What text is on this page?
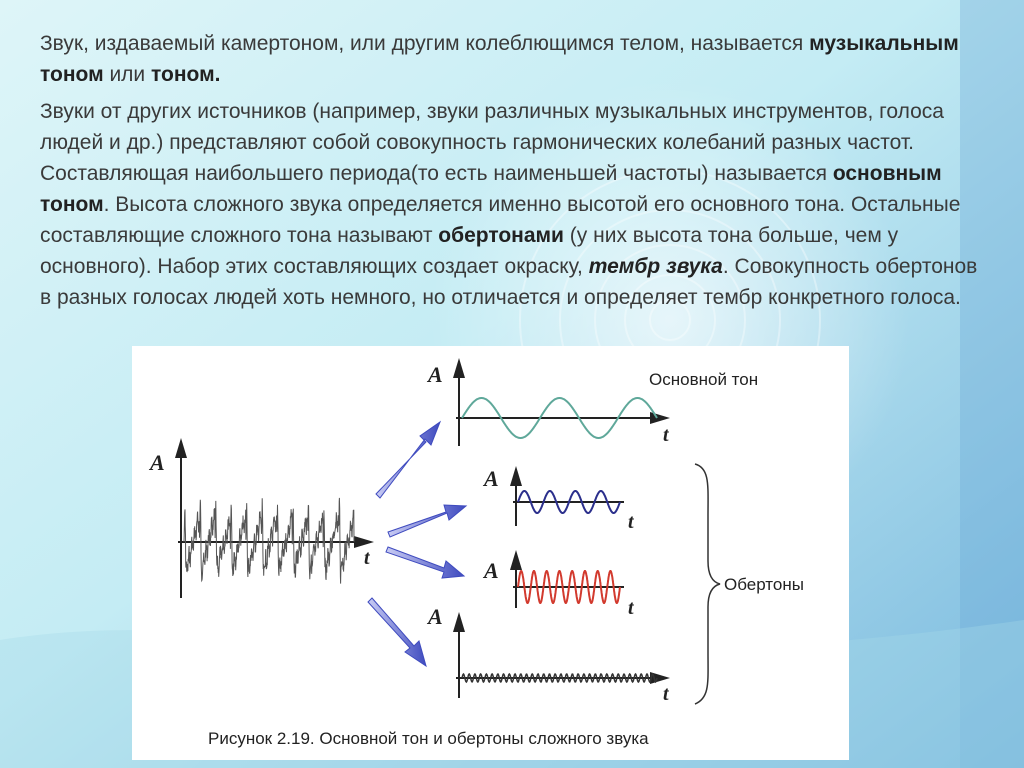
Звук, издаваемый камертоном, или другим колеблющимся телом, называется музыкальным тоном или тоном.

Звуки от других источников (например, звуки различных музыкальных инструментов, голоса людей и др.) представляют собой совокупность гармонических колебаний разных частот. Составляющая наибольшего периода(то есть наименьшей частоты) называется основным тоном. Высота сложного звука определяется именно высотой его основного тона. Остальные составляющие сложного тона называют обертонами (у них высота тона больше, чем у основного). Набор этих составляющих создает окраску, тембр звука. Совокупность обертонов в разных голосах людей хоть немного, но отличается и определяет тембр конкретного голоса.

A
t
A
t
Основной тон
A
t
A
t
A
t
Обертоны
Рисунок 2.19. Основной тон и обертоны сложного звука
